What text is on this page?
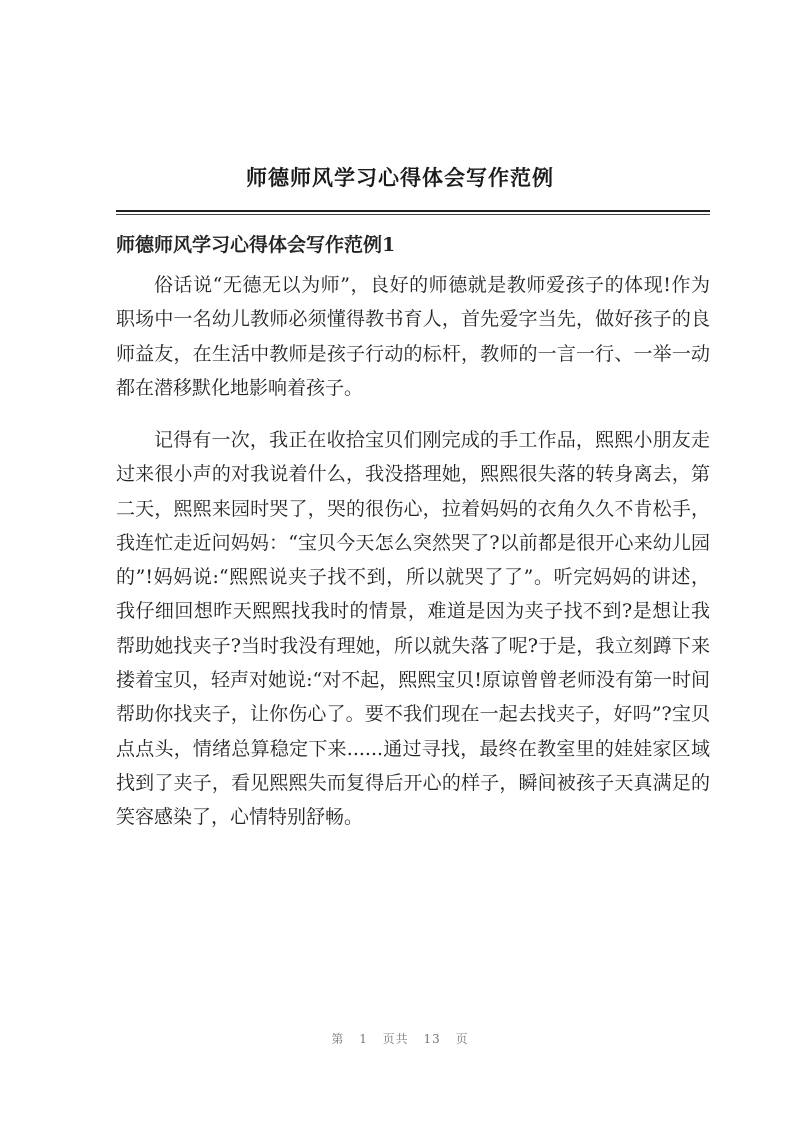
师德师风学习心得体会写作范例
师德师风学习心得体会写作范例1

俗话说“无德无以为师”，良好的师德就是教师爱孩子的体现!作为职场中一名幼儿教师必须懂得教书育人，首先爱字当先，做好孩子的良师益友，在生活中教师是孩子行动的标杆，教师的一言一行、一举一动都在潜移默化地影响着孩子。

记得有一次，我正在收拾宝贝们刚完成的手工作品，熙熙小朋友走过来很小声的对我说着什么，我没搭理她，熙熙很失落的转身离去，第二天，熙熙来园时哭了，哭的很伤心，拉着妈妈的衣角久久不肯松手，我连忙走近问妈妈：“宝贝今天怎么突然哭了?以前都是很开心来幼儿园的”!妈妈说:“熙熙说夹子找不到，所以就哭了了”。听完妈妈的讲述，我仔细回想昨天熙熙找我时的情景，难道是因为夹子找不到?是想让我帮助她找夹子?当时我没有理她，所以就失落了呢?于是，我立刻蹲下来搂着宝贝，轻声对她说:“对不起，熙熙宝贝!原谅曾曾老师没有第一时间帮助你找夹子，让你伤心了。要不我们现在一起去找夹子，好吗”?宝贝点点头，情绪总算稳定下来......通过寻找，最终在教室里的娃娃家区域找到了夹子，看见熙熙失而复得后开心的样子，瞬间被孩子天真满足的笑容感染了，心情特别舒畅。

第 1 页共 13 页
